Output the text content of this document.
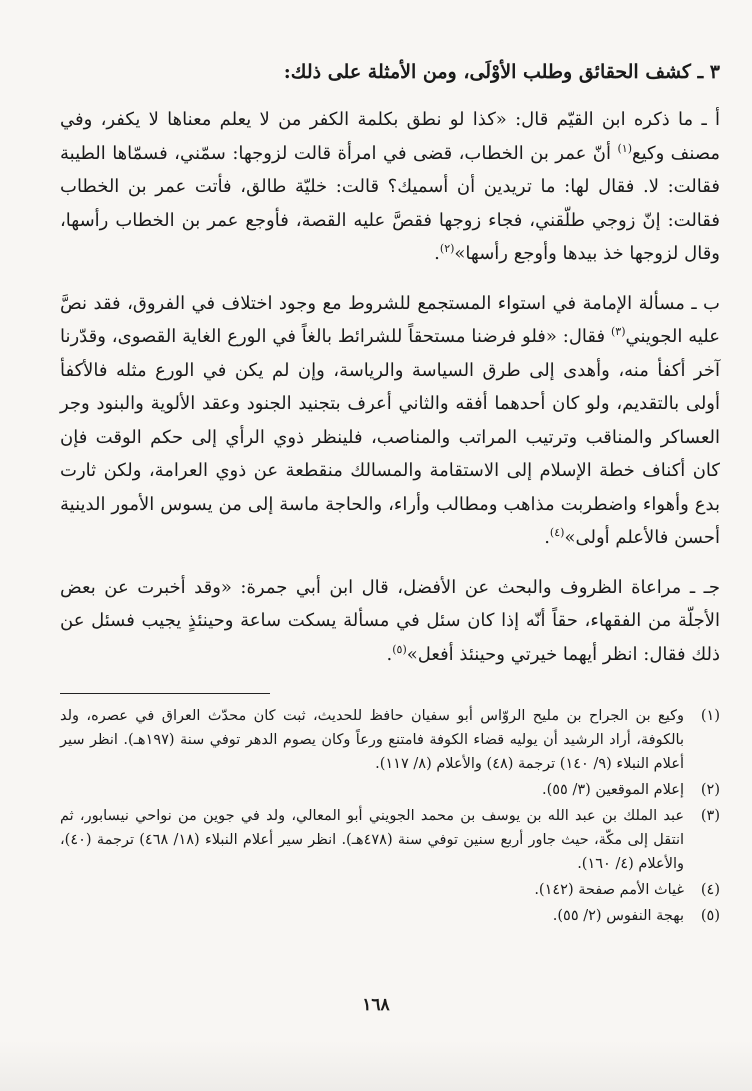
٣ ـ كشف الحقائق وطلب الأوْلَى، ومن الأمثلة على ذلك:
أ ـ ما ذكره ابن القيّم قال: «كذا لو نطق بكلمة الكفر من لا يعلم معناها لا يكفر، وفي مصنف وكيع$^{(١)}$ أنّ عمر بن الخطاب، قضى في امرأة قالت لزوجها: سمّني، فسمّاها الطيبة فقالت: لا. فقال لها: ما تريدين أن أسميك؟ قالت: خليّة طالق، فأتت عمر بن الخطاب فقالت: إنّ زوجي طلّقني، فجاء زوجها فقصَّ عليه القصة، فأوجع عمر بن الخطاب رأسها، وقال لزوجها خذ بيدها وأوجع رأسها»$^{(٢)}$.
ب ـ مسألة الإمامة في استواء المستجمع للشروط مع وجود اختلاف في الفروق، فقد نصَّ عليه الجويني$^{(٣)}$ فقال: «فلو فرضنا مستحقاً للشرائط بالغاً في الورع الغاية القصوى، وقدّرنا آخر أكفأ منه، وأهدى إلى طرق السياسة والرياسة، وإن لم يكن في الورع مثله فالأكفأ أولى بالتقديم، ولو كان أحدهما أفقه والثاني أعرف بتجنيد الجنود وعقد الألوية والبنود وجر العساكر والمناقب وترتيب المراتب والمناصب، فلينظر ذوي الرأي إلى حكم الوقت فإن كان أكناف خطة الإسلام إلى الاستقامة والمسالك منقطعة عن ذوي العرامة، ولكن ثارت بدع وأهواء واضطربت مذاهب ومطالب وأراء، والحاجة ماسة إلى من يسوس الأمور الدينية أحسن فالأعلم أولى»$^{(٤)}$.
جـ ـ مراعاة الظروف والبحث عن الأفضل، قال ابن أبي جمرة: «وقد أخبرت عن بعض الأجلّة من الفقهاء، حقاً أنّه إذا كان سئل في مسألة يسكت ساعة وحينئذٍ يجيب فسئل عن ذلك فقال: انظر أيهما خيرتي وحينئذ أفعل»$^{(٥)}$.
(١)
وكيع بن الجراح بن مليح الروّاس أبو سفيان حافظ للحديث، ثبت كان محدّث العراق في عصره، ولد بالكوفة، أراد الرشيد أن يوليه قضاء الكوفة فامتنع ورعاً وكان يصوم الدهر توفي سنة (١٩٧هـ). انظر سير أعلام النبلاء (٩/ ١٤٠) ترجمة (٤٨) والأعلام (٨/ ١١٧).
(٢)
إعلام الموقعين (٣/ ٥٥).
(٣)
عبد الملك بن عبد الله بن يوسف بن محمد الجويني أبو المعالي، ولد في جوين من نواحي نيسابور، ثم انتقل إلى مكّة، حيث جاور أربع سنين توفي سنة (٤٧٨هـ). انظر سير أعلام النبلاء (١٨/ ٤٦٨) ترجمة (٤٠)، والأعلام (٤/ ١٦٠).
(٤)
غياث الأمم صفحة (١٤٢).
(٥)
بهجة النفوس (٢/ ٥٥).
١٦٨
